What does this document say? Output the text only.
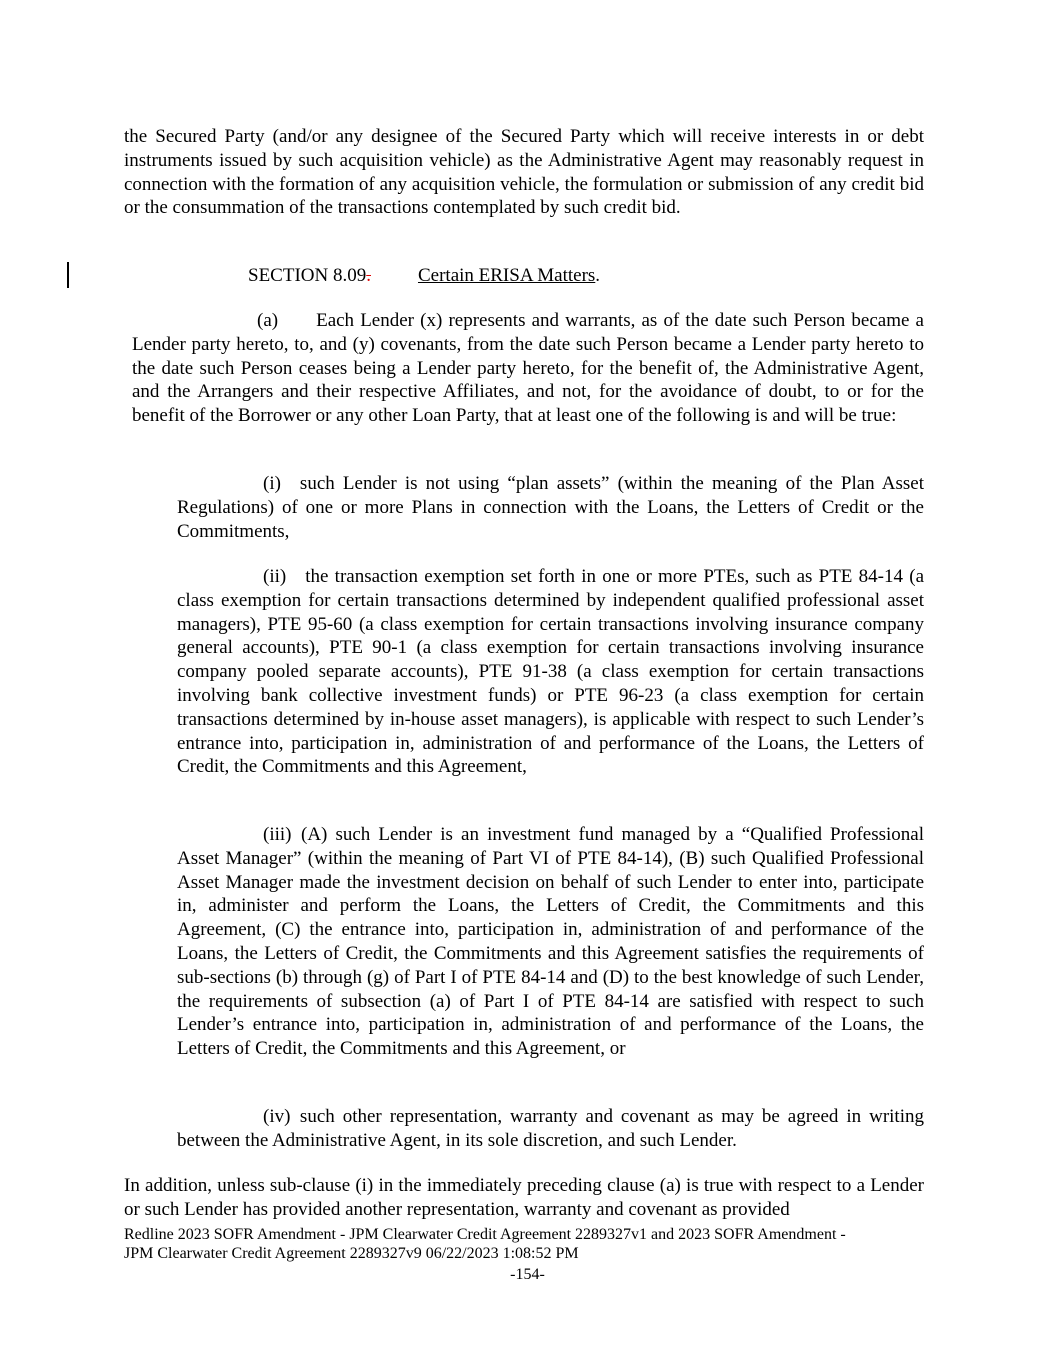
the Secured Party (and/or any designee of the Secured Party which will receive interests in or debt instruments issued by such acquisition vehicle) as the Administrative Agent may reasonably request in connection with the formation of any acquisition vehicle, the formulation or submission of any credit bid or the consummation of the transactions contemplated by such credit bid.

SECTION 8.09. Certain ERISA Matters.

(a)  Each Lender (x) represents and warrants, as of the date such Person became a Lender party hereto, to, and (y) covenants, from the date such Person became a Lender party hereto to the date such Person ceases being a Lender party hereto, for the benefit of, the Administrative Agent, and the Arrangers and their respective Affiliates, and not, for the avoidance of doubt, to or for the benefit of the Borrower or any other Loan Party, that at least one of the following is and will be true:

(i) such Lender is not using “plan assets” (within the meaning of the Plan Asset Regulations) of one or more Plans in connection with the Loans, the Letters of Credit or the Commitments,

(ii) the transaction exemption set forth in one or more PTEs, such as PTE 84-14 (a class exemption for certain transactions determined by independent qualified professional asset managers), PTE 95-60 (a class exemption for certain transactions involving insurance company general accounts), PTE 90-1 (a class exemption for certain transactions involving insurance company pooled separate accounts), PTE 91-38 (a class exemption for certain transactions involving bank collective investment funds) or PTE 96-23 (a class exemption for certain transactions determined by in-house asset managers), is applicable with respect to such Lender’s entrance into, participation in, administration of and performance of the Loans, the Letters of Credit, the Commitments and this Agreement,

(iii) (A) such Lender is an investment fund managed by a “Qualified Professional Asset Manager” (within the meaning of Part VI of PTE 84-14), (B) such Qualified Professional Asset Manager made the investment decision on behalf of such Lender to enter into, participate in, administer and perform the Loans, the Letters of Credit, the Commitments and this Agreement, (C) the entrance into, participation in, administration of and performance of the Loans, the Letters of Credit, the Commitments and this Agreement satisfies the requirements of sub-sections (b) through (g) of Part I of PTE 84-14 and (D) to the best knowledge of such Lender, the requirements of subsection (a) of Part I of PTE 84-14 are satisfied with respect to such Lender’s entrance into, participation in, administration of and performance of the Loans, the Letters of Credit, the Commitments and this Agreement, or

(iv) such other representation, warranty and covenant as may be agreed in writing between the Administrative Agent, in its sole discretion, and such Lender.

In addition, unless sub-clause (i) in the immediately preceding clause (a) is true with respect to a Lender or such Lender has provided another representation, warranty and covenant as provided

Redline 2023 SOFR Amendment - JPM Clearwater Credit Agreement 2289327v1 and 2023 SOFR Amendment -
JPM Clearwater Credit Agreement 2289327v9 06/22/2023 1:08:52 PM
-154-
